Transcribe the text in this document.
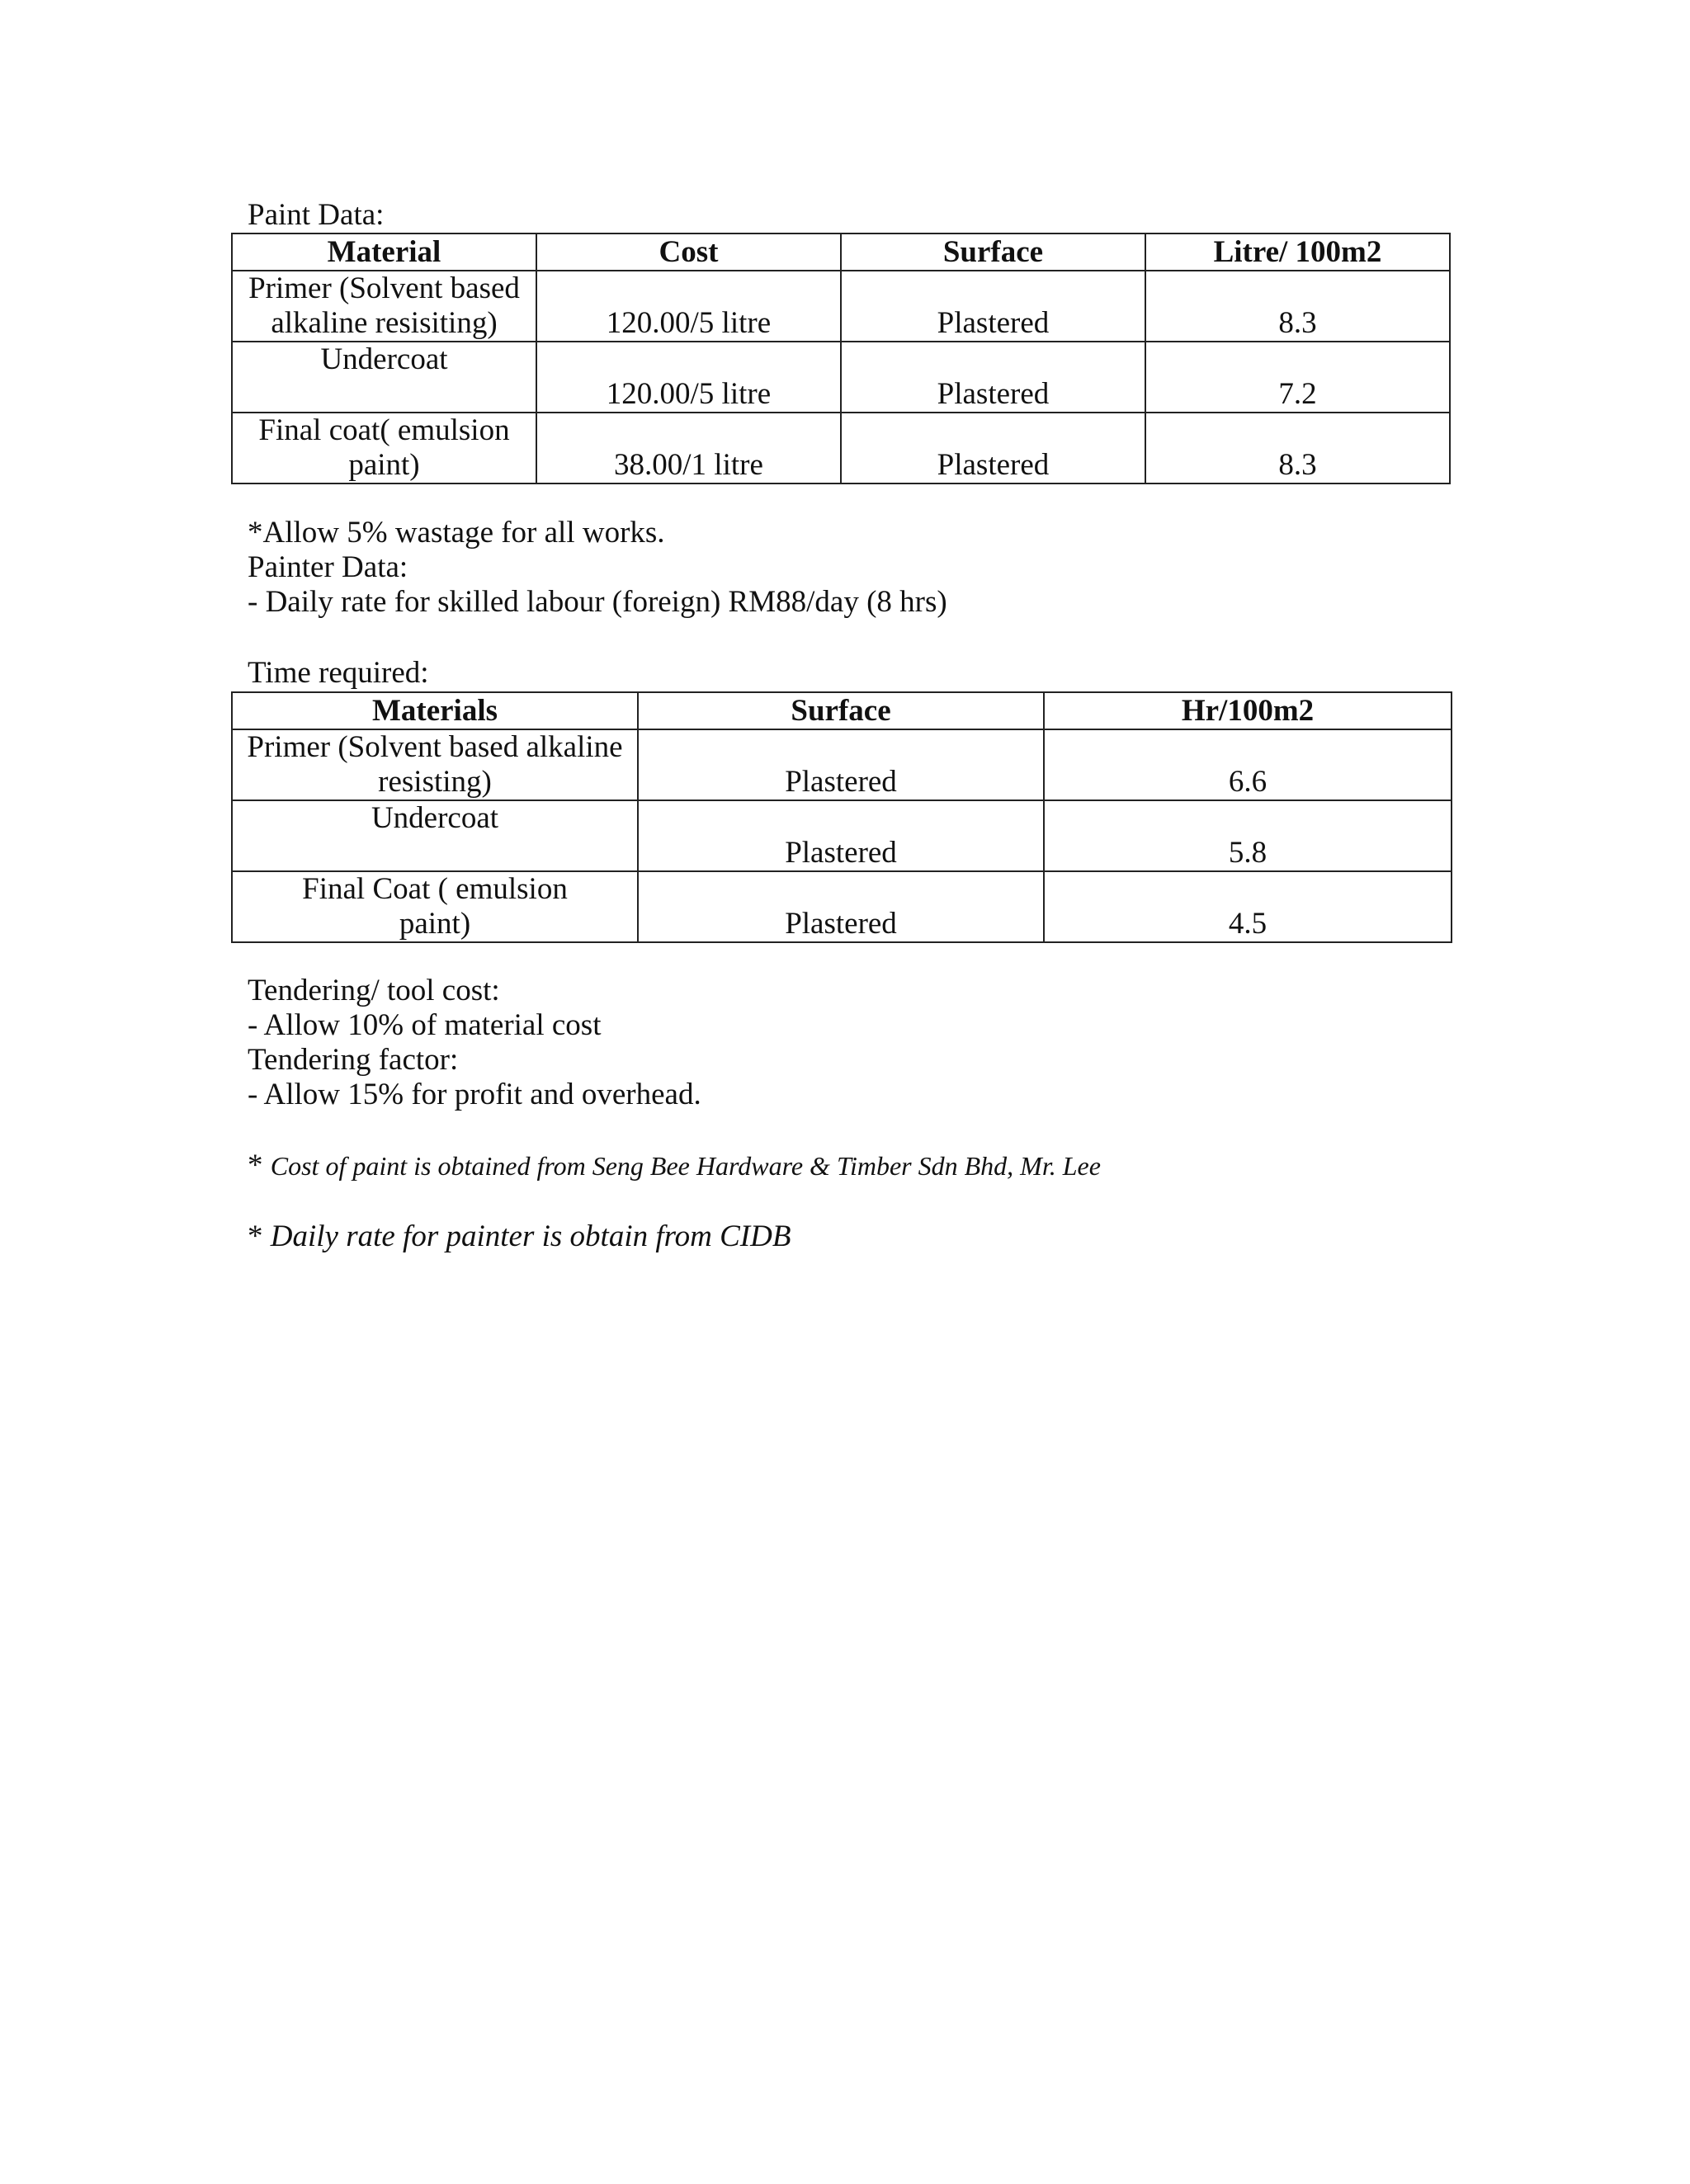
Paint Data:
Material	Cost	Surface	Litre/ 100m2
Primer (Solvent based
alkaline resisiting)	120.00/5 litre	Plastered	8.3
Undercoat	120.00/5 litre	Plastered	7.2
Final coat( emulsion
paint)	38.00/1 litre	Plastered	8.3
*Allow 5% wastage for all works.
Painter Data:
- Daily rate for skilled labour (foreign) RM88/day (8 hrs)
Time required:
Materials	Surface	Hr/100m2
Primer (Solvent based alkaline
resisting)	Plastered	6.6
Undercoat	Plastered	5.8
Final Coat ( emulsion
paint)	Plastered	4.5
Tendering/ tool cost:
- Allow 10% of material cost
Tendering factor:
- Allow 15% for profit and overhead.
* Cost of paint is obtained from Seng Bee Hardware & Timber Sdn Bhd, Mr. Lee
* Daily rate for painter is obtain from CIDB
